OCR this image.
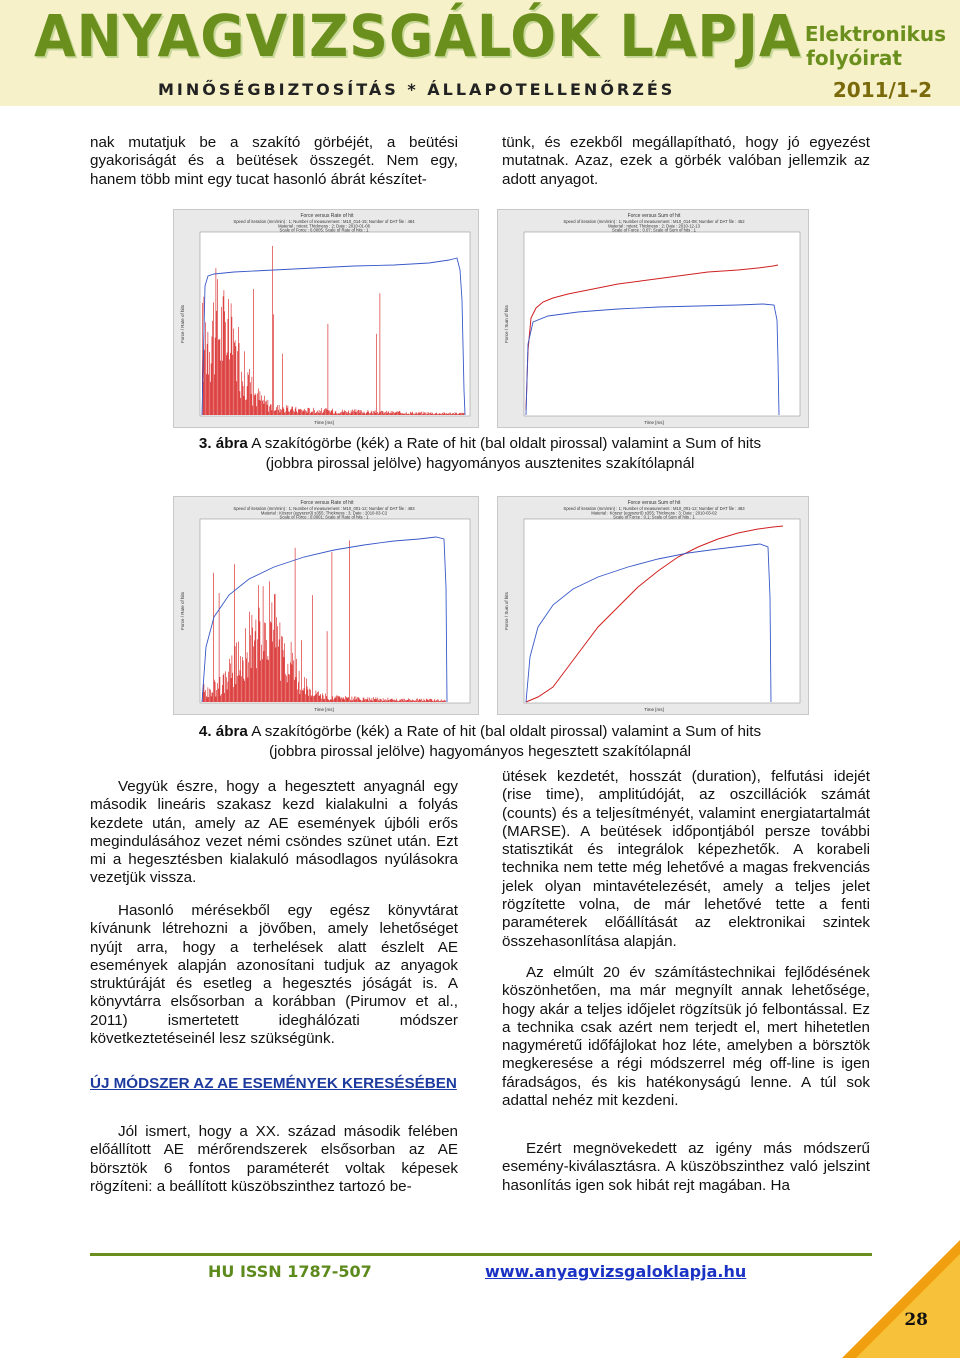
ANYAGVIZSGÁLÓK LAPJA
MINŐSÉGBIZTOSÍTÁS * ÁLLAPOTELLENŐRZÉS
Elektronikus
folyóirat
2011/1-2
nak mutatjuk be a szakító görbéjét, a beütési gyakoriságát és a beütések összegét. Nem egy, hanem több mint egy tucat hasonló ábrát készítet-
tünk, és ezekből megállapítható, hogy jó egyezést mutatnak. Azaz, ezek a görbék valóban jellemzik az adott anyagot.
Force versus Rate of hit
Speed of iteration (mm/min) : 1; Number of measurement : M10_014-15; Number of DAT file : 484
Material : rotest; Thickness : 2; Date : 2010-01-06
Scale of Force : 0.0005; Scale of Rate of hits : 1
Time [ms]
Force / Rate of hits
Force versus Sum of hit
Speed of iteration (mm/min) : 1; Number of measurement : M10_014-08; Number of DAT file : 452
Material : rotest; Thickness : 2; Date : 2010-12-13
Scale of Force : 0.07; Scale of Sum of hits : 1
Time [ms]
Force / Sum of hits
3. ábra A szakítógörbe (kék) a Rate of hit (bal oldalt pirossal) valamint a Sum of hits (jobbra pirossal jelölve) hagyományos ausztenites szakítólapnál
Force versus Rate of hit
Speed of iteration (mm/min) : 1; Number of measurement : M10_001-12; Number of DAT file : 483
Material : Köszer (egyszerű) s355; Thickness : 3; Date : 2010-03-C2
Scale of Force : 0.0001; Scale of Rate of hits : 1
Time [ms]
Force / Rate of hits
Force versus Sum of hit
Speed of iteration (mm/min) : 1; Number of measurement : M10_001-12; Number of DAT file : 483
Material : Köszer (egyszerű) s355; Thickness : 3; Date : 2010-03-02
Scale of Force : 0.1; Scale of Sum of hits : 1
Time [ms]
Force / Sum of hits
4. ábra A szakítógörbe (kék) a Rate of hit (bal oldalt pirossal) valamint a Sum of hits (jobbra pirossal jelölve) hagyományos hegesztett szakítólapnál
Vegyük észre, hogy a hegesztett anyagnál egy második lineáris szakasz kezd kialakulni a folyás kezdete után, amely az AE események újbóli erős megindulásához vezet némi csöndes szünet után. Ezt mi a hegesztésben kialakuló másodlagos nyúlásokra vezetjük vissza.
Hasonló mérésekből egy egész könyvtárat kívánunk létrehozni a jövőben, amely lehetőséget nyújt arra, hogy a terhelések alatt észlelt AE események alapján azonosítani tudjuk az anyagok struktúráját és esetleg a hegesztés jóságát is. A könyvtárra elsősorban a korábban (Pirumov et al., 2011) ismertetett ideghálózati módszer következtetéseinél lesz szükségünk.
ÚJ MÓDSZER AZ AE ESEMÉNYEK KERESÉSÉBEN
Jól ismert, hogy a XX. század második felében előállított AE mérőrendszerek elsősorban az AE börsztök 6 fontos paraméterét voltak képesek rögzíteni: a beállított küszöbszinthez tartozó be-
ütések kezdetét, hosszát (duration), felfutási idejét (rise time), amplitúdóját, az oszcillációk számát (counts) és a teljesítményét, valamint energiatartalmát (MARSE). A beütések időpontjából persze további statisztikát és integrálok képezhetők. A korabeli technika nem tette még lehetővé a magas frekvenciás jelek olyan mintavételezését, amely a teljes jelet rögzítette volna, de már lehetővé tette a fenti paraméterek előállítását az elektronikai szintek összehasonlítása alapján.
Az elmúlt 20 év számítástechnikai fejlődésének köszönhetően, ma már megnyílt annak lehetősége, hogy akár a teljes időjelet rögzítsük jó felbontással. Ez a technika csak azért nem terjedt el, mert hihetetlen nagyméretű időfájlokat hoz léte, amelyben a börsztök megkeresése a régi módszerrel még off-line is igen fáradságos, és kis hatékonyságú lenne. A túl sok adattal nehéz mit kezdeni.
Ezért megnövekedett az igény más módszerű esemény-kiválasztásra. A küszöbszinthez való jelszint hasonlítás igen sok hibát rejt magában. Ha
HU ISSN 1787-507	www.anyagvizsgaloklapja.hu
28
